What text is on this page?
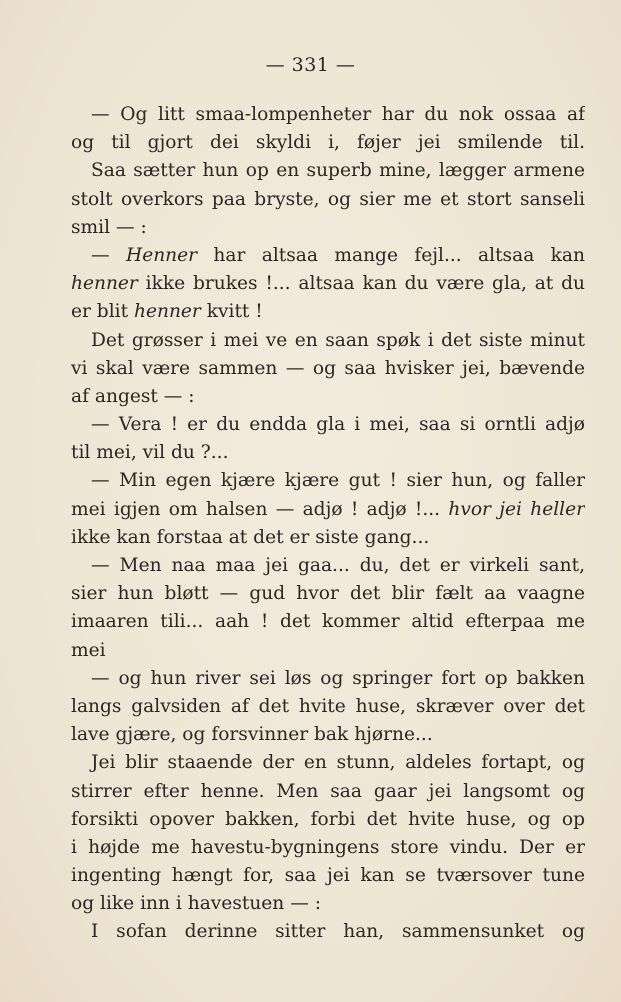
— 331 —
— Og litt smaa-lompenheter har du nok ossaa af
og til gjort dei skyldi i, føjer jei smilende til.
Saa sætter hun op en superb mine, lægger armene
stolt overkors paa bryste, og sier me et stort sanseli
smil — :
— Henner har altsaa mange fejl... altsaa kan
henner ikke brukes !... altsaa kan du være gla, at du
er blit henner kvitt !
Det grøsser i mei ve en saan spøk i det siste minut
vi skal være sammen — og saa hvisker jei, bævende
af angest — :
— Vera ! er du endda gla i mei, saa si orntli adjø
til mei, vil du ?...
— Min egen kjære kjære gut ! sier hun, og faller
mei igjen om halsen — adjø ! adjø !... hvor jei heller
ikke kan forstaa at det er siste gang...
— Men naa maa jei gaa... du, det er virkeli sant,
sier hun bløtt — gud hvor det blir fælt aa vaagne
imaaren tili... aah ! det kommer altid efterpaa me
mei
— og hun river sei løs og springer fort op bakken
langs galvsiden af det hvite huse, skræver over det
lave gjære, og forsvinner bak hjørne...
Jei blir staaende der en stunn, aldeles fortapt, og
stirrer efter henne. Men saa gaar jei langsomt og
forsikti opover bakken, forbi det hvite huse, og op
i højde me havestu-bygningens store vindu. Der er
ingenting hængt for, saa jei kan se tværsover tune
og like inn i havestuen — :
I sofan derinne sitter han, sammensunket og
